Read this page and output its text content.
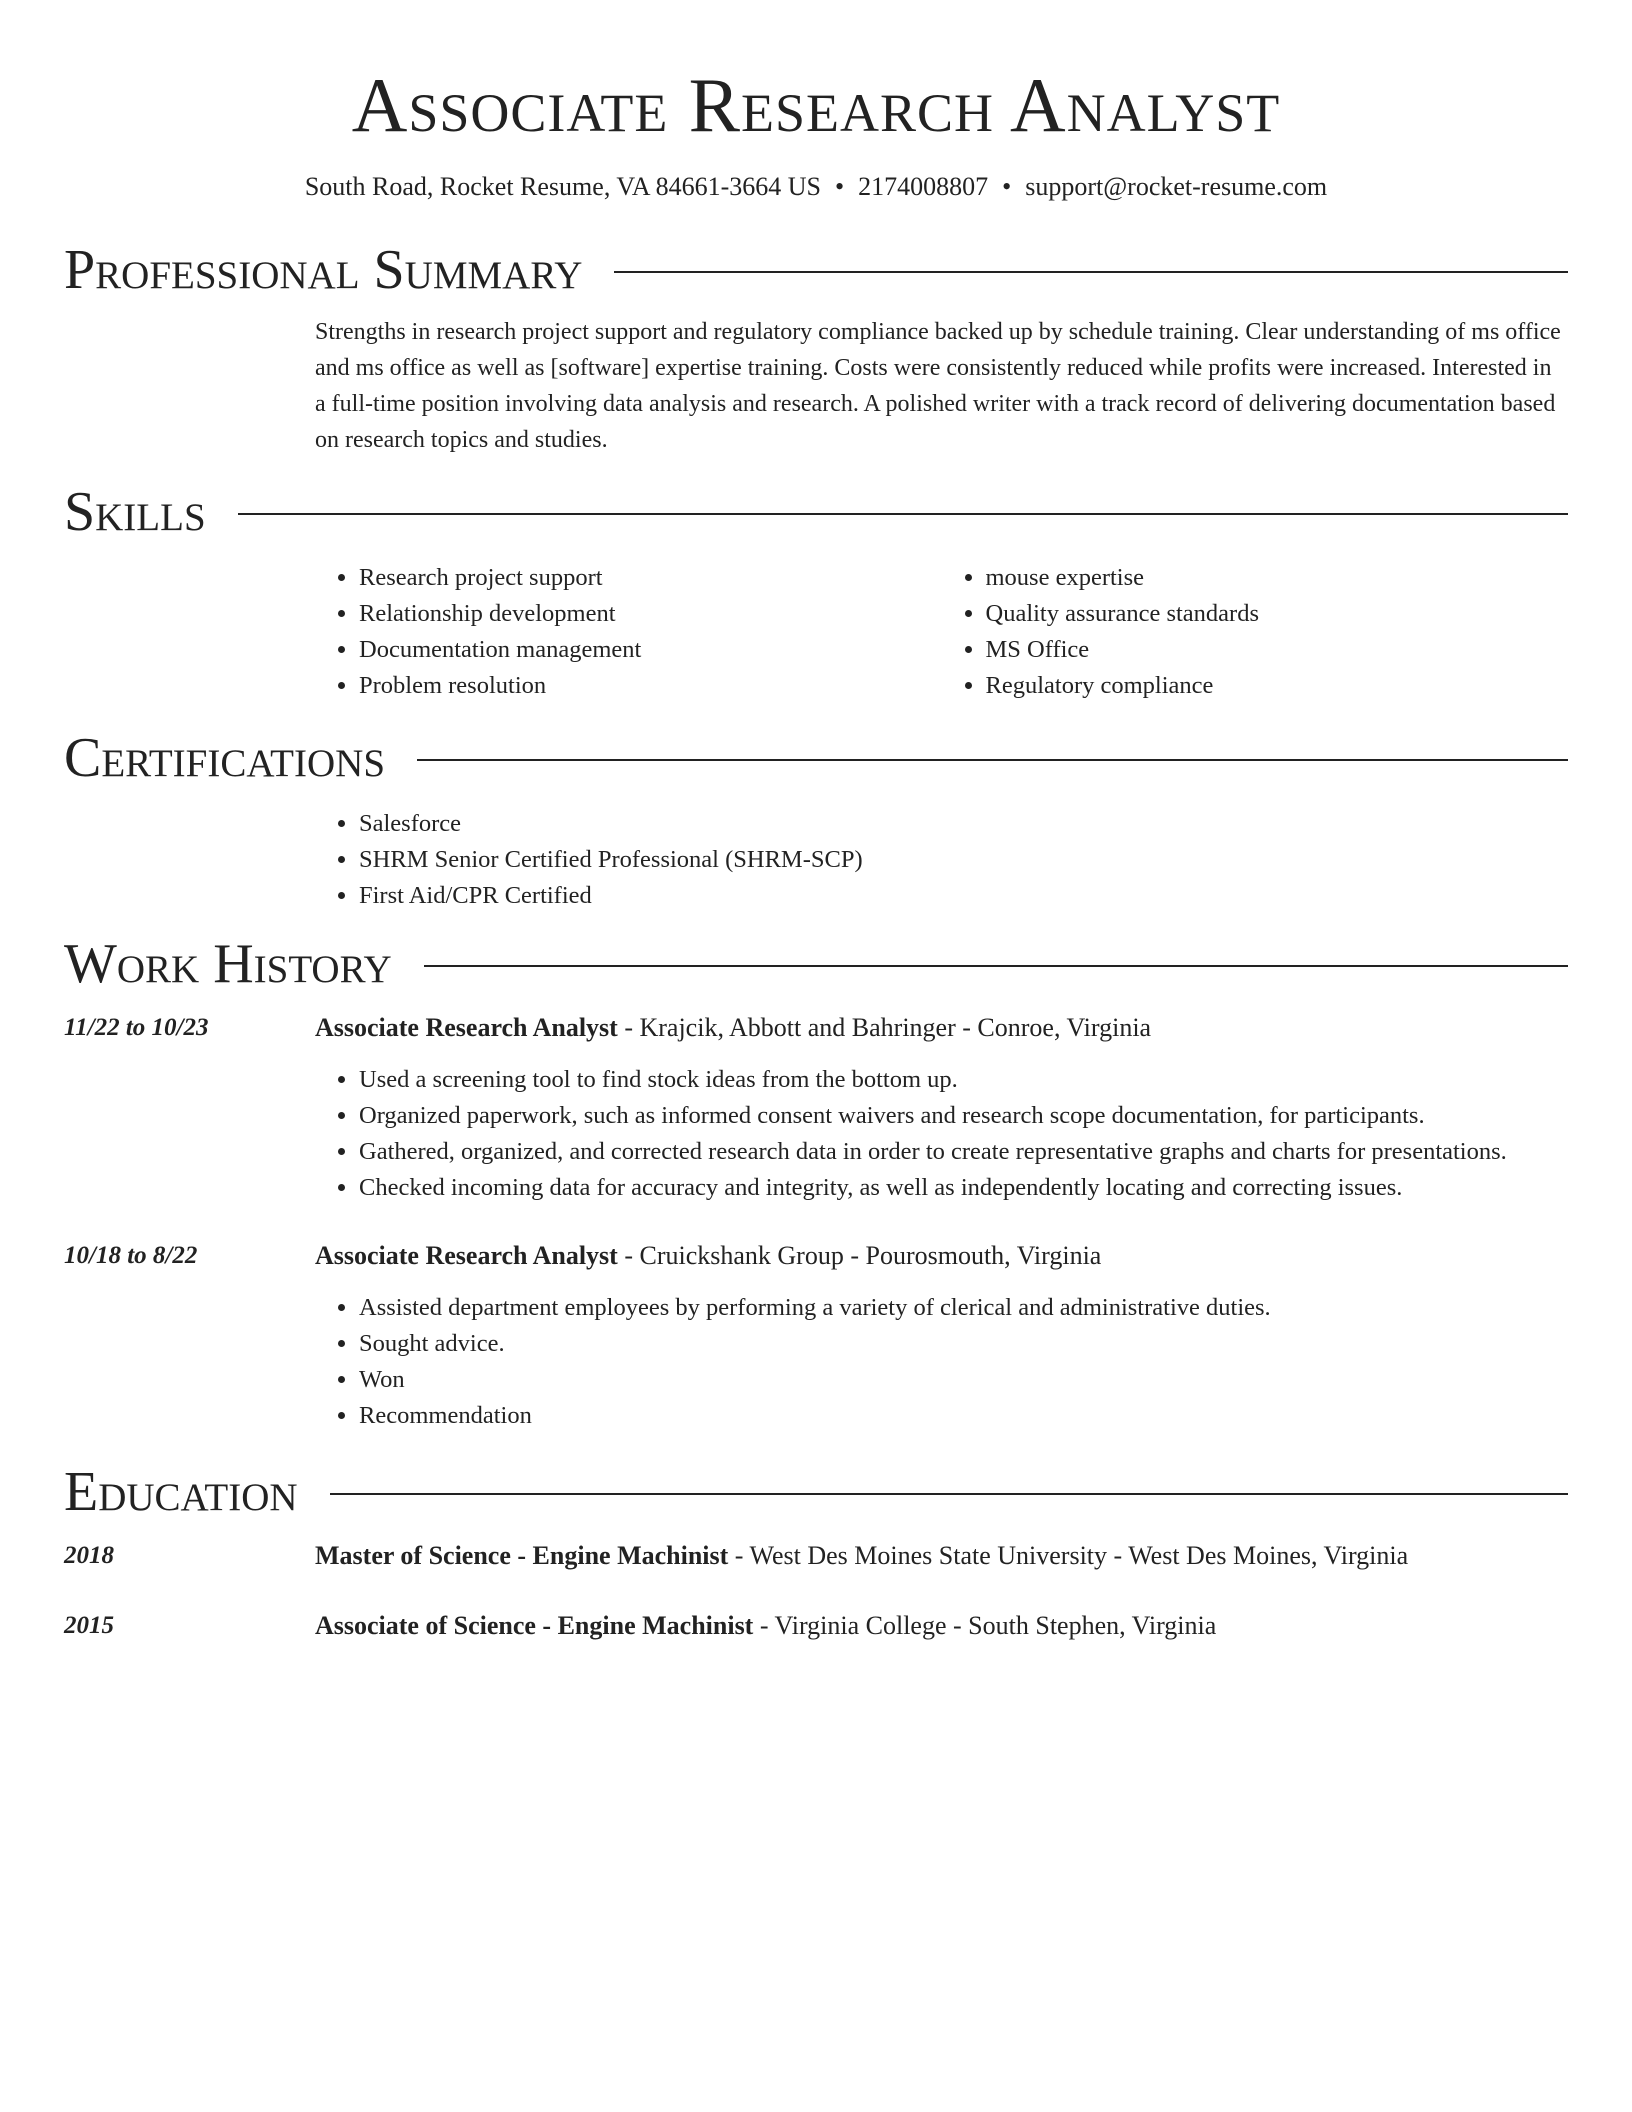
Associate Research Analyst
South Road, Rocket Resume, VA 84661-3664 US • 2174008807 • support@rocket-resume.com
Professional Summary
Strengths in research project support and regulatory compliance backed up by schedule training. Clear understanding of ms office and ms office as well as [software] expertise training. Costs were consistently reduced while profits were increased. Interested in a full-time position involving data analysis and research. A polished writer with a track record of delivering documentation based on research topics and studies.
Skills
• Research project support
• Relationship development
• Documentation management
• Problem resolution
• mouse expertise
• Quality assurance standards
• MS Office
• Regulatory compliance
Certifications
• Salesforce
• SHRM Senior Certified Professional (SHRM-SCP)
• First Aid/CPR Certified
Work History
11/22 to 10/23	Associate Research Analyst - Krajcik, Abbott and Bahringer - Conroe, Virginia
• Used a screening tool to find stock ideas from the bottom up.
• Organized paperwork, such as informed consent waivers and research scope documentation, for participants.
• Gathered, organized, and corrected research data in order to create representative graphs and charts for presentations.
• Checked incoming data for accuracy and integrity, as well as independently locating and correcting issues.
10/18 to 8/22	Associate Research Analyst - Cruickshank Group - Pourosmouth, Virginia
• Assisted department employees by performing a variety of clerical and administrative duties.
• Sought advice.
• Won
• Recommendation
Education
2018	Master of Science - Engine Machinist - West Des Moines State University - West Des Moines, Virginia
2015	Associate of Science - Engine Machinist - Virginia College - South Stephen, Virginia
